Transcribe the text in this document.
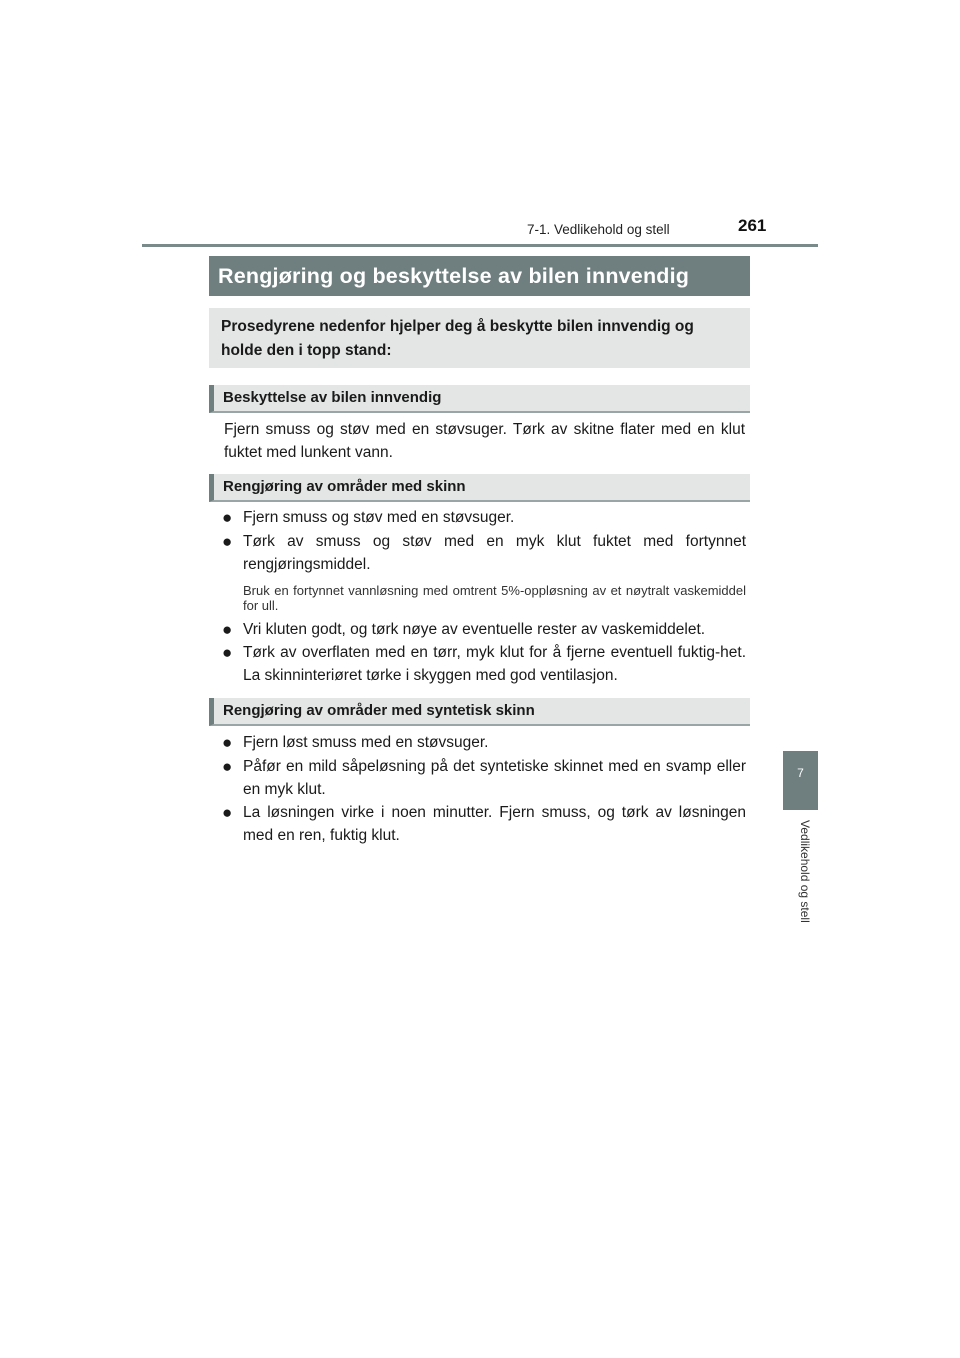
7-1. Vedlikehold og stell	261
7
Vedlikehold og stell
Rengjøring og beskyttelse av bilen innvendig
Prosedyrene nedenfor hjelper deg å beskytte bilen innvendig og holde den i topp stand:
Beskyttelse av bilen innvendig
Fjern smuss og støv med en støvsuger. Tørk av skitne flater med en klut fuktet med lunkent vann.
Rengjøring av områder med skinn
● Fjern smuss og støv med en støvsuger.
● Tørk av smuss og støv med en myk klut fuktet med fortynnet rengjøringsmiddel.
Bruk en fortynnet vannløsning med omtrent 5%-oppløsning av et nøytralt vaskemiddel for ull.
● Vri kluten godt, og tørk nøye av eventuelle rester av vaskemiddelet.
● Tørk av overflaten med en tørr, myk klut for å fjerne eventuell fuktig-het. La skinninteriøret tørke i skyggen med god ventilasjon.
Rengjøring av områder med syntetisk skinn
● Fjern løst smuss med en støvsuger.
● Påfør en mild såpeløsning på det syntetiske skinnet med en svamp eller en myk klut.
● La løsningen virke i noen minutter. Fjern smuss, og tørk av løsningen med en ren, fuktig klut.
